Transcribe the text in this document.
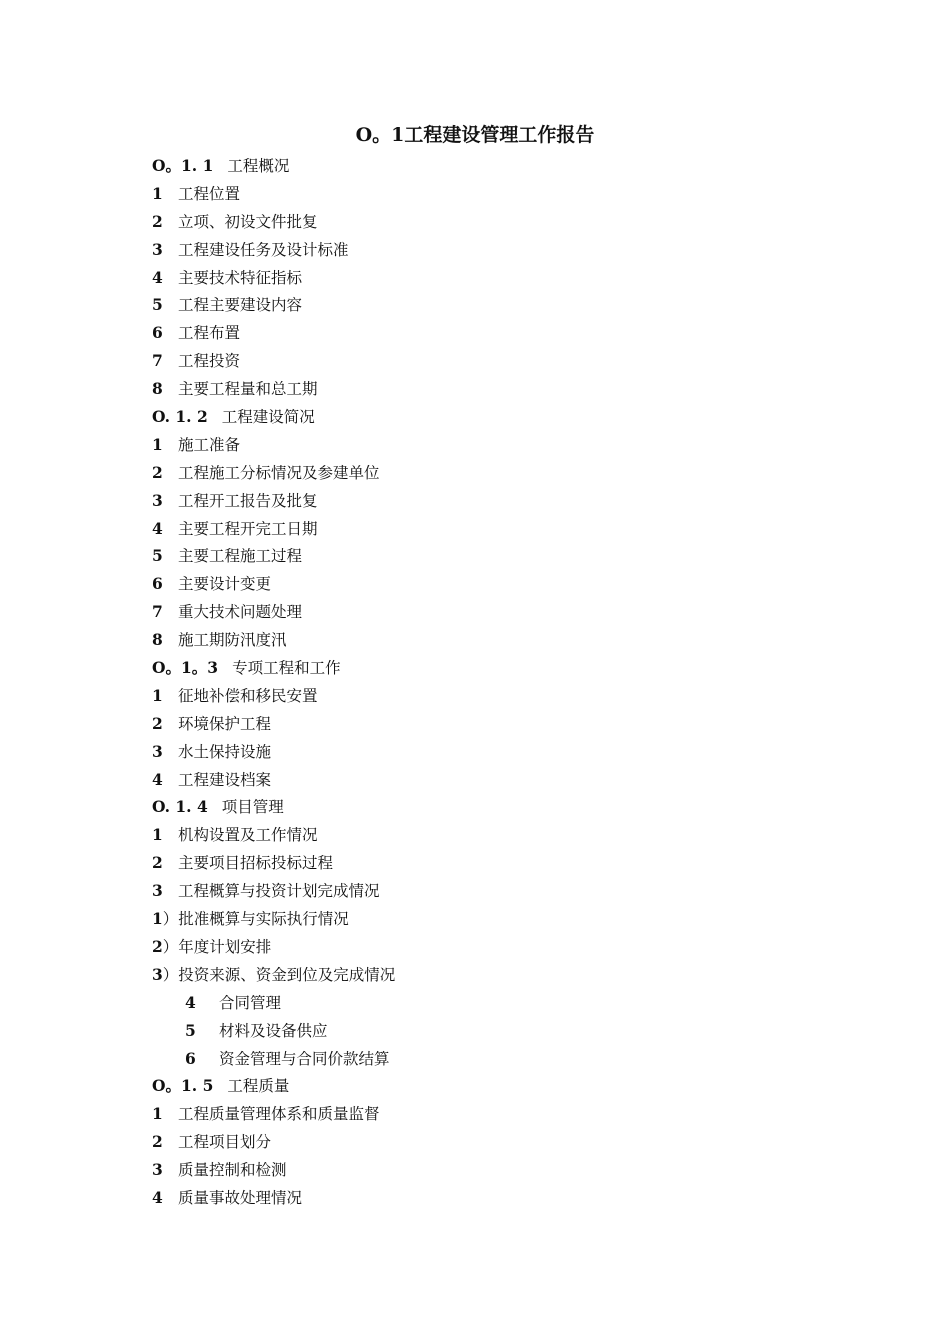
O。1工程建设管理工作报告
O。1. 1 工程概况
1 工程位置
2 立项、初设文件批复
3 工程建设任务及设计标准
4 主要技术特征指标
5 工程主要建设内容
6 工程布置
7 工程投资
8 主要工程量和总工期
O. 1. 2 工程建设简况
1 施工准备
2 工程施工分标情况及参建单位
3 工程开工报告及批复
4 主要工程开完工日期
5 主要工程施工过程
6 主要设计变更
7 重大技术问题处理
8 施工期防汛度汛
O。1。3 专项工程和工作
1 征地补偿和移民安置
2 环境保护工程
3 水土保持设施
4 工程建设档案
O. 1. 4 项目管理
1 机构设置及工作情况
2 主要项目招标投标过程
3 工程概算与投资计划完成情况
1）批准概算与实际执行情况
2）年度计划安排
3）投资来源、资金到位及完成情况
4 合同管理
5 材料及设备供应
6 资金管理与合同价款结算
O。1. 5 工程质量
1 工程质量管理体系和质量监督
2 工程项目划分
3 质量控制和检测
4 质量事故处理情况
